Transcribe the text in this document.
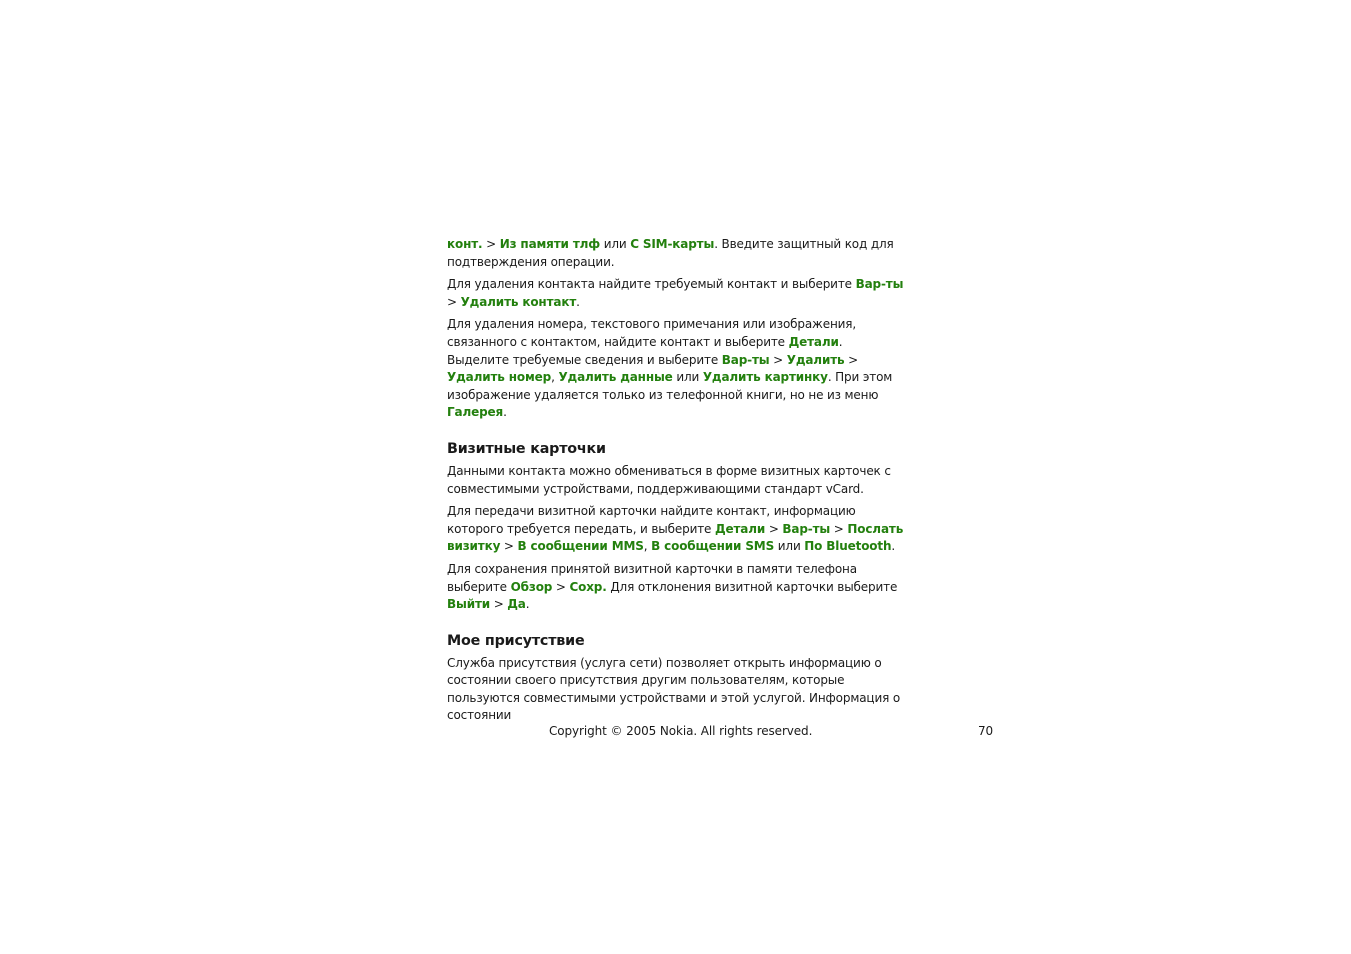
конт. > Из памяти тлф или С SIM-карты. Введите защитный код для подтверждения операции.

Для удаления контакта найдите требуемый контакт и выберите Вар-ты > Удалить контакт.

Для удаления номера, текстового примечания или изображения, связанного с контактом, найдите контакт и выберите Детали. Выделите требуемые сведения и выберите Вар-ты > Удалить > Удалить номер, Удалить данные или Удалить картинку. При этом изображение удаляется только из телефонной книги, но не из меню Галерея.

Визитные карточки

Данными контакта можно обмениваться в форме визитных карточек с совместимыми устройствами, поддерживающими стандарт vCard.

Для передачи визитной карточки найдите контакт, информацию которого требуется передать, и выберите Детали > Вар-ты > Послать визитку > В сообщении MMS, В сообщении SMS или По Bluetooth.

Для сохранения принятой визитной карточки в памяти телефона выберите Обзор > Сохр. Для отклонения визитной карточки выберите Выйти > Да.

Мое присутствие

Служба присутствия (услуга сети) позволяет открыть информацию о состоянии своего присутствия другим пользователям, которые пользуются совместимыми устройствами и этой услугой. Информация о состоянии

Copyright © 2005 Nokia. All rights reserved.	70
